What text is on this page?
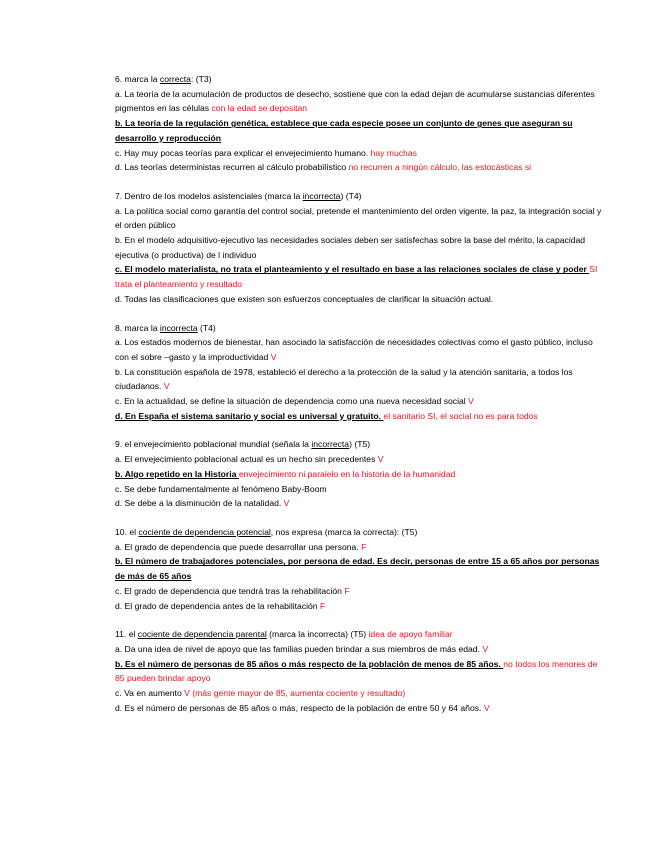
6. marca la correcta: (T3)
a. La teoría de la acumulación de productos de desecho, sostiene que con la edad dejan de acumularse sustancias diferentes pigmentos en las células con la edad se depositan
b. La teoría de la regulación genética, establece que cada especie posee un conjunto de genes que aseguran su desarrollo y reproducción
c. Hay muy pocas teorías para explicar el envejecimiento humano. hay muchas
d. Las teorías deterministas recurren al cálculo probabilístico no recurren a ningún cálculo, las estocásticas si
7. Dentro de los modelos asistenciales (marca la incorrecta) (T4)
a. La política social como garantía del control social, pretende el mantenimiento del orden vigente, la paz, la integración social y el orden público
b. En el modelo adquisitivo-ejecutivo las necesidades sociales deben ser satisfechas sobre la base del mérito, la capacidad ejecutiva (o productiva) de l individuo
c. El modelo materialista, no trata el planteamiento y el resultado en base a las relaciones sociales de clase y poder SI trata el planteamiento y resultado
d. Todas las clasificaciones que existen son esfuerzos conceptuales de clarificar la situación actual.
8. marca la incorrecta (T4)
a. Los estados modernos de bienestar, han asociado la satisfacción de necesidades colectivas como el gasto público, incluso con el sobre –gasto y la improductividad V
b. La constitución española de 1978, estableció el derecho a la protección de la salud y la atención sanitaria, a todos los ciudadanos. V
c. En la actualidad, se define la situación de dependencia como una nueva necesidad social V
d. En España el sistema sanitario y social es universal y gratuito. el sanitario SI, el social no es para todos
9. el envejecimiento poblacional mundial (señala la incorrecta) (T5)
a. El envejecimiento poblacional actual es un hecho sin precedentes V
b. Algo repetido en la Historia envejecimiento ni paralelo en la historia de la humanidad
c. Se debe fundamentalmente al fenómeno Baby-Boom
d. Se debe a la disminución de la natalidad. V
10. el cociente de dependencia potencial, nos expresa (marca la correcta): (T5)
a. El grado de dependencia que puede desarrollar una persona. F
b. El número de trabajadores potenciales, por persona de edad. Es decir, personas de entre 15 a 65 años por personas de más de 65 años
c. El grado de dependencia que tendrá tras la rehabilitación F
d. El grado de dependencia antes de la rehabilitación F
11. el cociente de dependencia parental (marca la incorrecta) (T5) idea de apoyo familiar
a. Da una idea de nivel de apoyo que las familias pueden brindar a sus miembros de más edad. V
b. Es el número de personas de 85 años o más respecto de la población de menos de 85 años. no todos los menores de 85 pueden brindar apoyo
c. Va en aumento V (más gente mayor de 85, aumenta cociente y resultado)
d. Es el número de personas de 85 años o más, respecto de la población de entre 50 y 64 años. V
